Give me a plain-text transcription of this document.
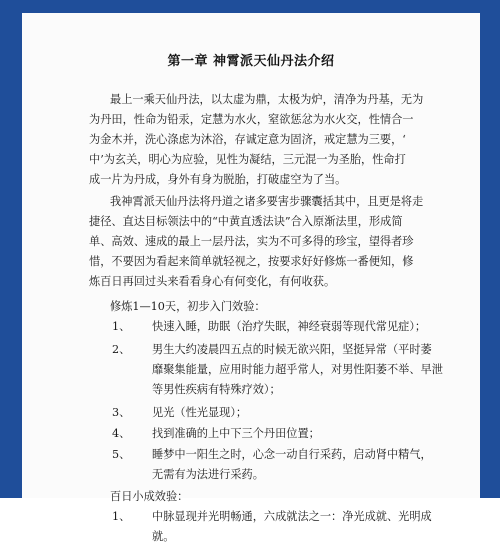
第一章 神霄派天仙丹法介绍
最上一乘天仙丹法，以太虚为鼎，太极为炉，清净为丹基，无为
为丹田，性命为铅汞，定慧为水火，窒欲惩忿为水火交，性情合一
为金木并，洗心涤虑为沐浴，存诚定意为固济，戒定慧为三要，‘
中’为玄关，明心为应验，见性为凝结，三元混一为圣胎，性命打
成一片为丹成，身外有身为脱胎，打破虚空为了当。
我神霄派天仙丹法将丹道之诸多要害步骤囊括其中，且更是将走
捷径、直达目标领法中的“中黄直透法诀”合入原渐法里，形成简
单、高效、速成的最上一层丹法，实为不可多得的珍宝，望得者珍
惜，不要因为看起来简单就轻视之，按要求好好修炼一番便知，修
炼百日再回过头来看看身心有何变化，有何收获。
修炼1—10天，初步入门效验：
1、 快速入睡，助眠（治疗失眠，神经衰弱等现代常见症）；
2、 男生大约凌晨四五点的时候无欲兴阳，坚挺异常（平时萎
靡聚集能量，应用时能力超乎常人，对男性阳萎不举、早泄
等男性疾病有特殊疗效）；
3、 见光（性光显现）；
4、 找到准确的上中下三个丹田位置；
5、 睡梦中一阳生之时，心念一动自行采药，启动肾中精气，
无需有为法进行采药。
百日小成效验：
1、 中脉显现并光明畅通，六成就法之一：净光成就、光明成
就。
